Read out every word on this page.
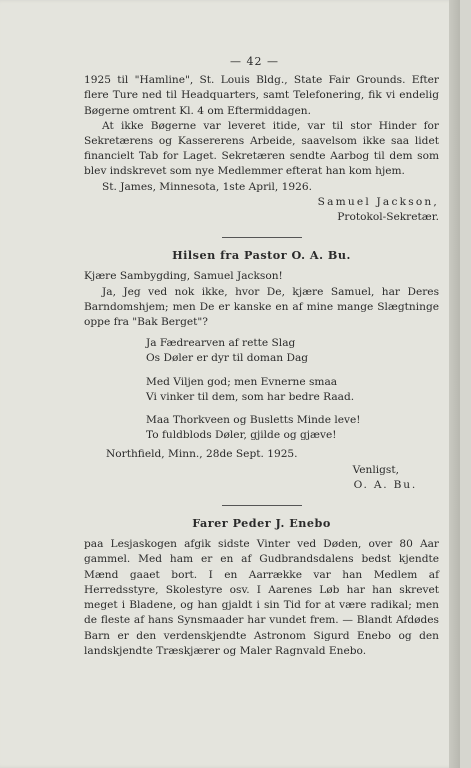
— 42 —

1925 til "Hamline", St. Louis Bldg., State Fair Grounds. Efter flere Ture ned til Headquarters, samt Telefonering, fik vi endelig Bøgerne omtrent Kl. 4 om Eftermiddagen.

At ikke Bøgerne var leveret itide, var til stor Hinder for Sekretærens og Kassererens Arbeide, saavelsom ikke saa lidet financielt Tab for Laget. Sekretæren sendte Aarbog til dem som blev indskrevet som nye Medlemmer efterat han kom hjem.

St. James, Minnesota, 1ste April, 1926.

Samuel Jackson,
Protokol-Sekretær.
Hilsen fra Pastor O. A. Bu.

Kjære Sambygding, Samuel Jackson!

Ja, Jeg ved nok ikke, hvor De, kjære Samuel, har Deres Barndomshjem; men De er kanske en af mine mange Slægtninge oppe fra "Bak Berget"?

Ja Fædrearven af rette Slag
Os Døler er dyr til doman Dag
Med Viljen god; men Evnerne smaa
Vi vinker til dem, som har bedre Raad.
Maa Thorkveen og Busletts Minde leve!
To fuldblods Døler, gjilde og gjæve!
Northfield, Minn., 28de Sept. 1925.
Venligst,
O. A. Bu.
Farer Peder J. Enebo

paa Lesjaskogen afgik sidste Vinter ved Døden, over 80 Aar gammel. Med ham er en af Gudbrandsdalens bedst kjendte Mænd gaaet bort. I en Aarrække var han Medlem af Herredsstyre, Skolestyre osv. I Aarenes Løb har han skrevet meget i Bladene, og han gjaldt i sin Tid for at være radikal; men de fleste af hans Synsmaader har vundet frem. — Blandt Afdødes Barn er den verdenskjendte Astronom Sigurd Enebo og den landskjendte Træskjærer og Maler Ragnvald Enebo.
